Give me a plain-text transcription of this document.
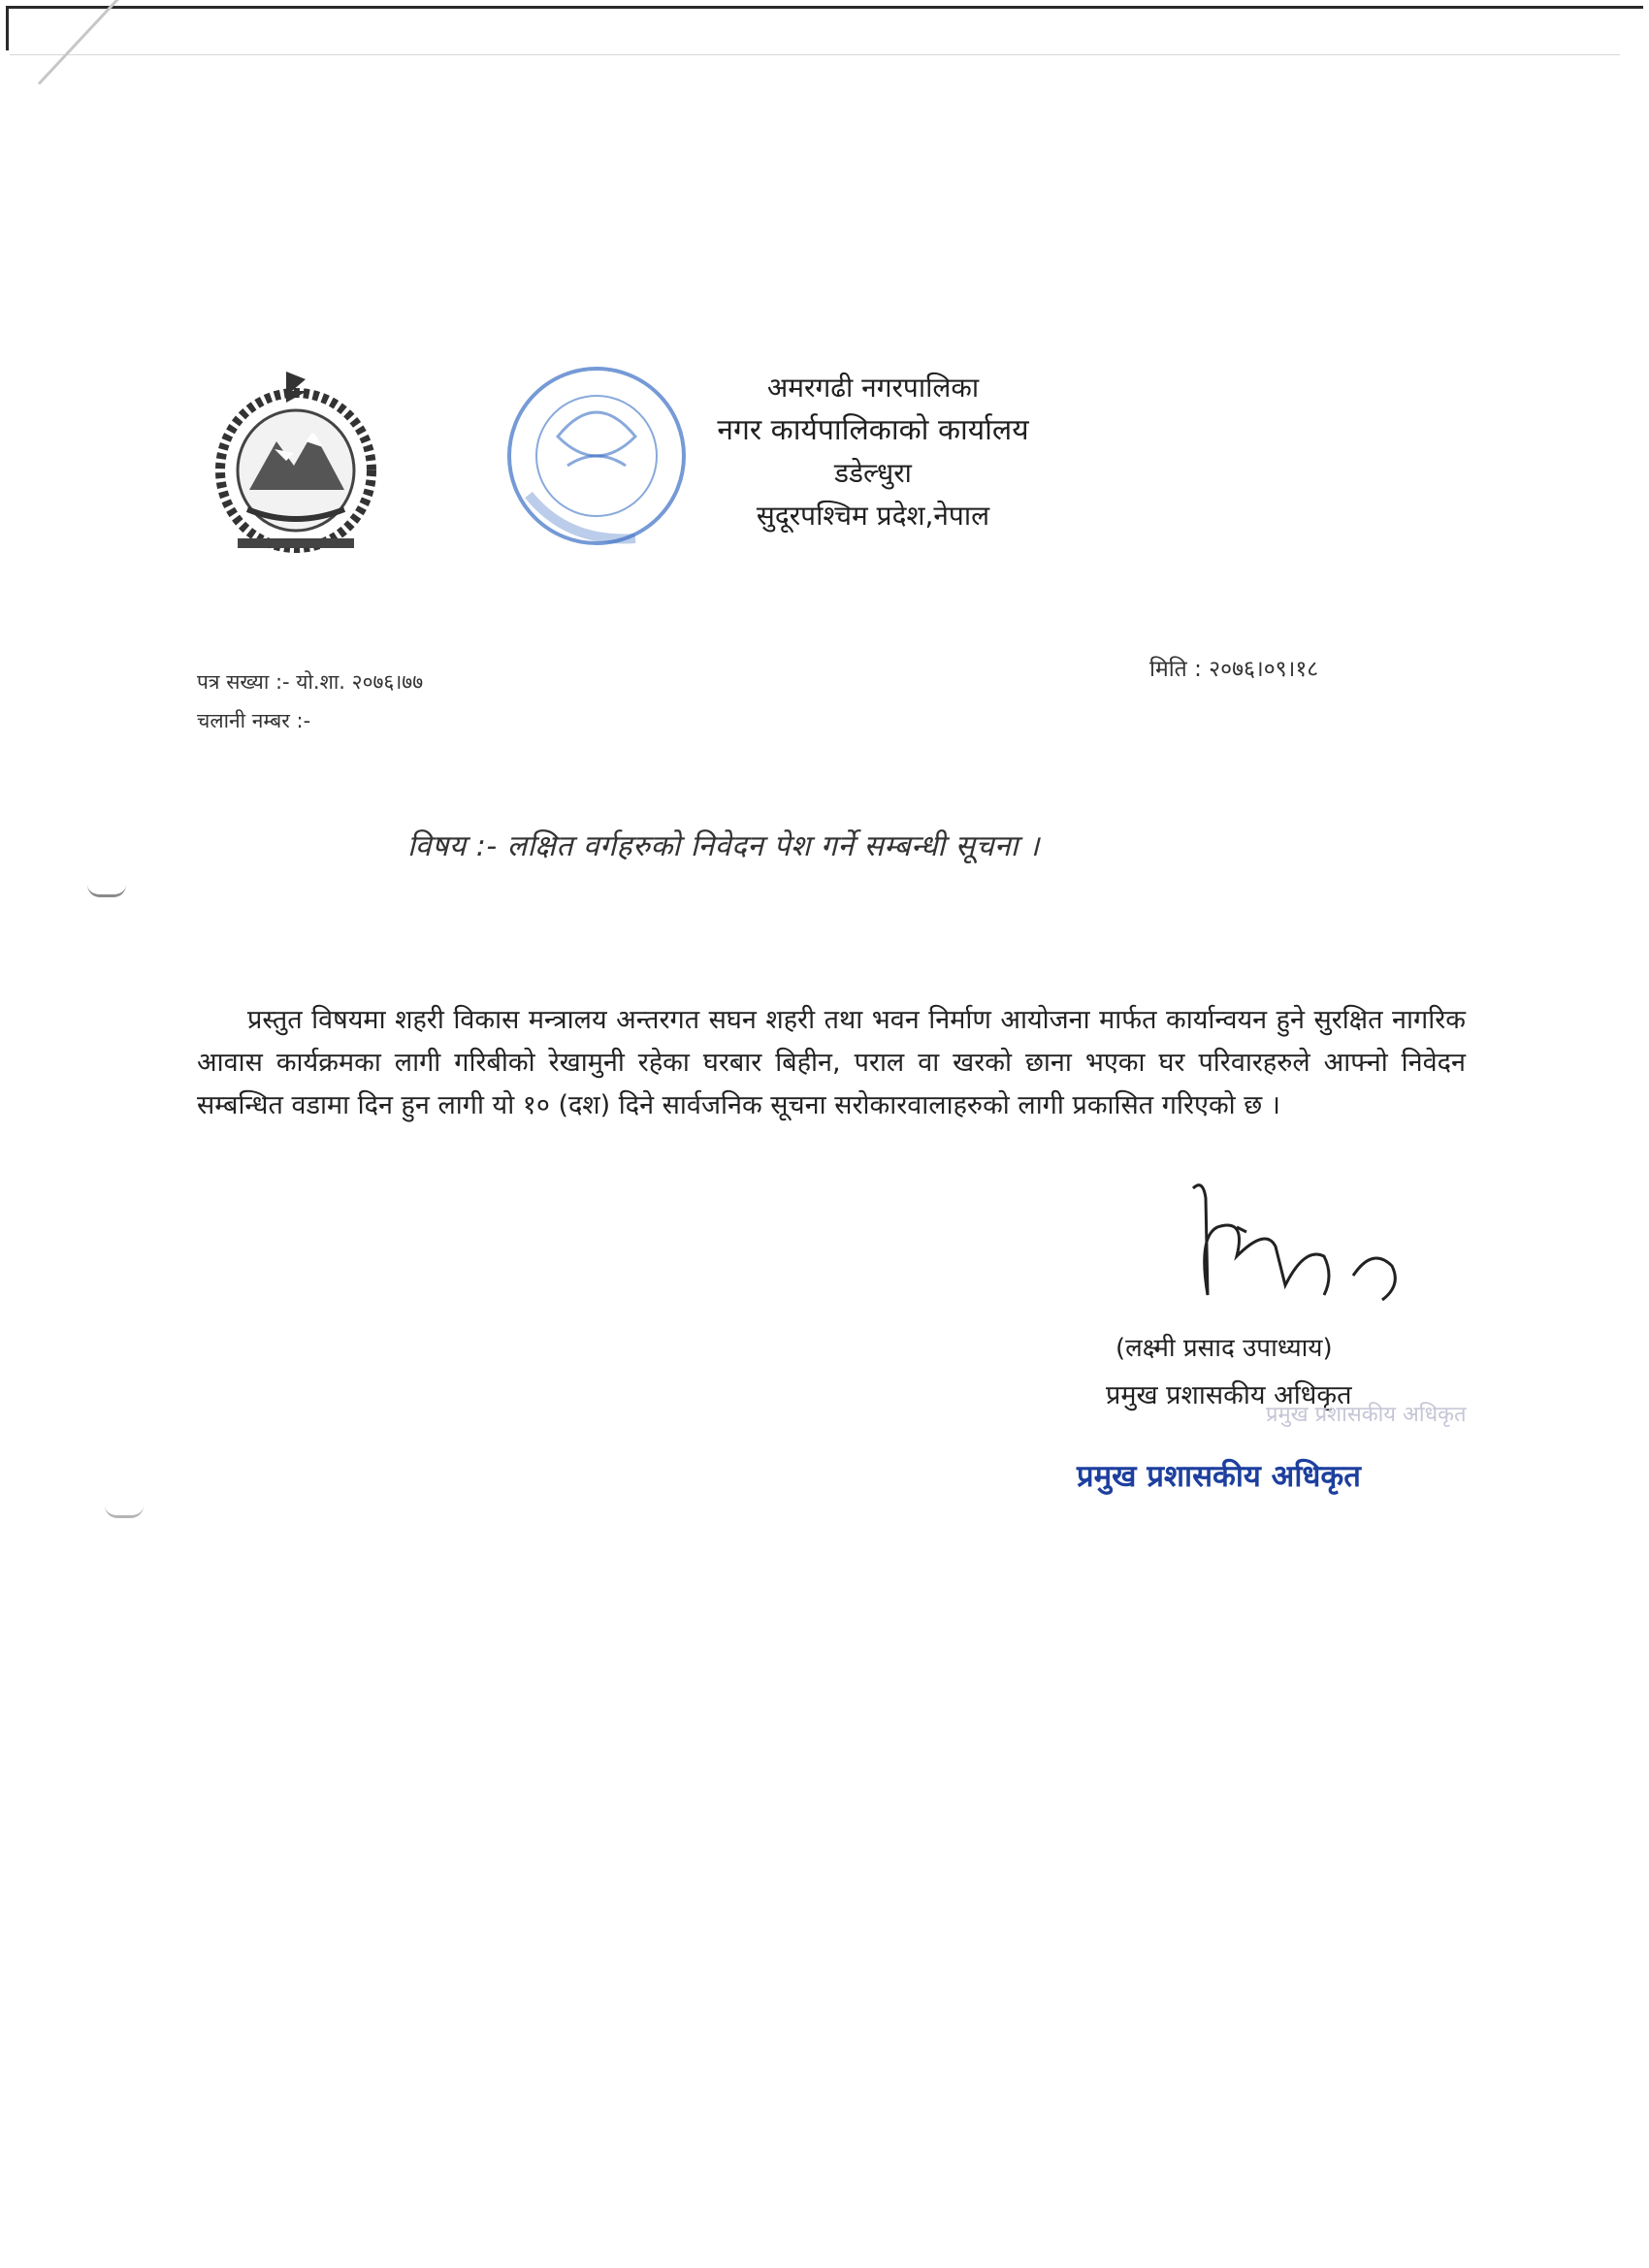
अमरगढी नगरपालिका
नगर कार्यपालिकाको कार्यालय
डडेल्धुरा
सुदूरपश्चिम प्रदेश,नेपाल
पत्र सख्या :- यो.शा. २०७६।७७
चलानी नम्बर :-
मिति : २०७६।०९।१८
विषय :- लक्षित वर्गहरुको निवेदन पेश गर्ने सम्बन्धी सूचना ।
प्रस्तुत विषयमा शहरी विकास मन्त्रालय अन्तरगत सघन शहरी तथा भवन निर्माण आयोजना मार्फत कार्यान्वयन हुने सुरक्षित नागरिक आवास कार्यक्रमका लागी गरिबीको रेखामुनी रहेका घरबार बिहीन, पराल वा खरको छाना भएका घर परिवारहरुले आफ्नो निवेदन सम्बन्धित वडामा दिन हुन लागी यो १० (दश) दिने सार्वजनिक सूचना सरोकारवालाहरुको लागी प्रकासित गरिएको छ ।
(लक्ष्मी प्रसाद उपाध्याय)
प्रमुख प्रशासकीय अधिकृत
प्रमुख प्रशासकीय अधिकृत
प्रमुख प्रशासकीय अधिकृत
